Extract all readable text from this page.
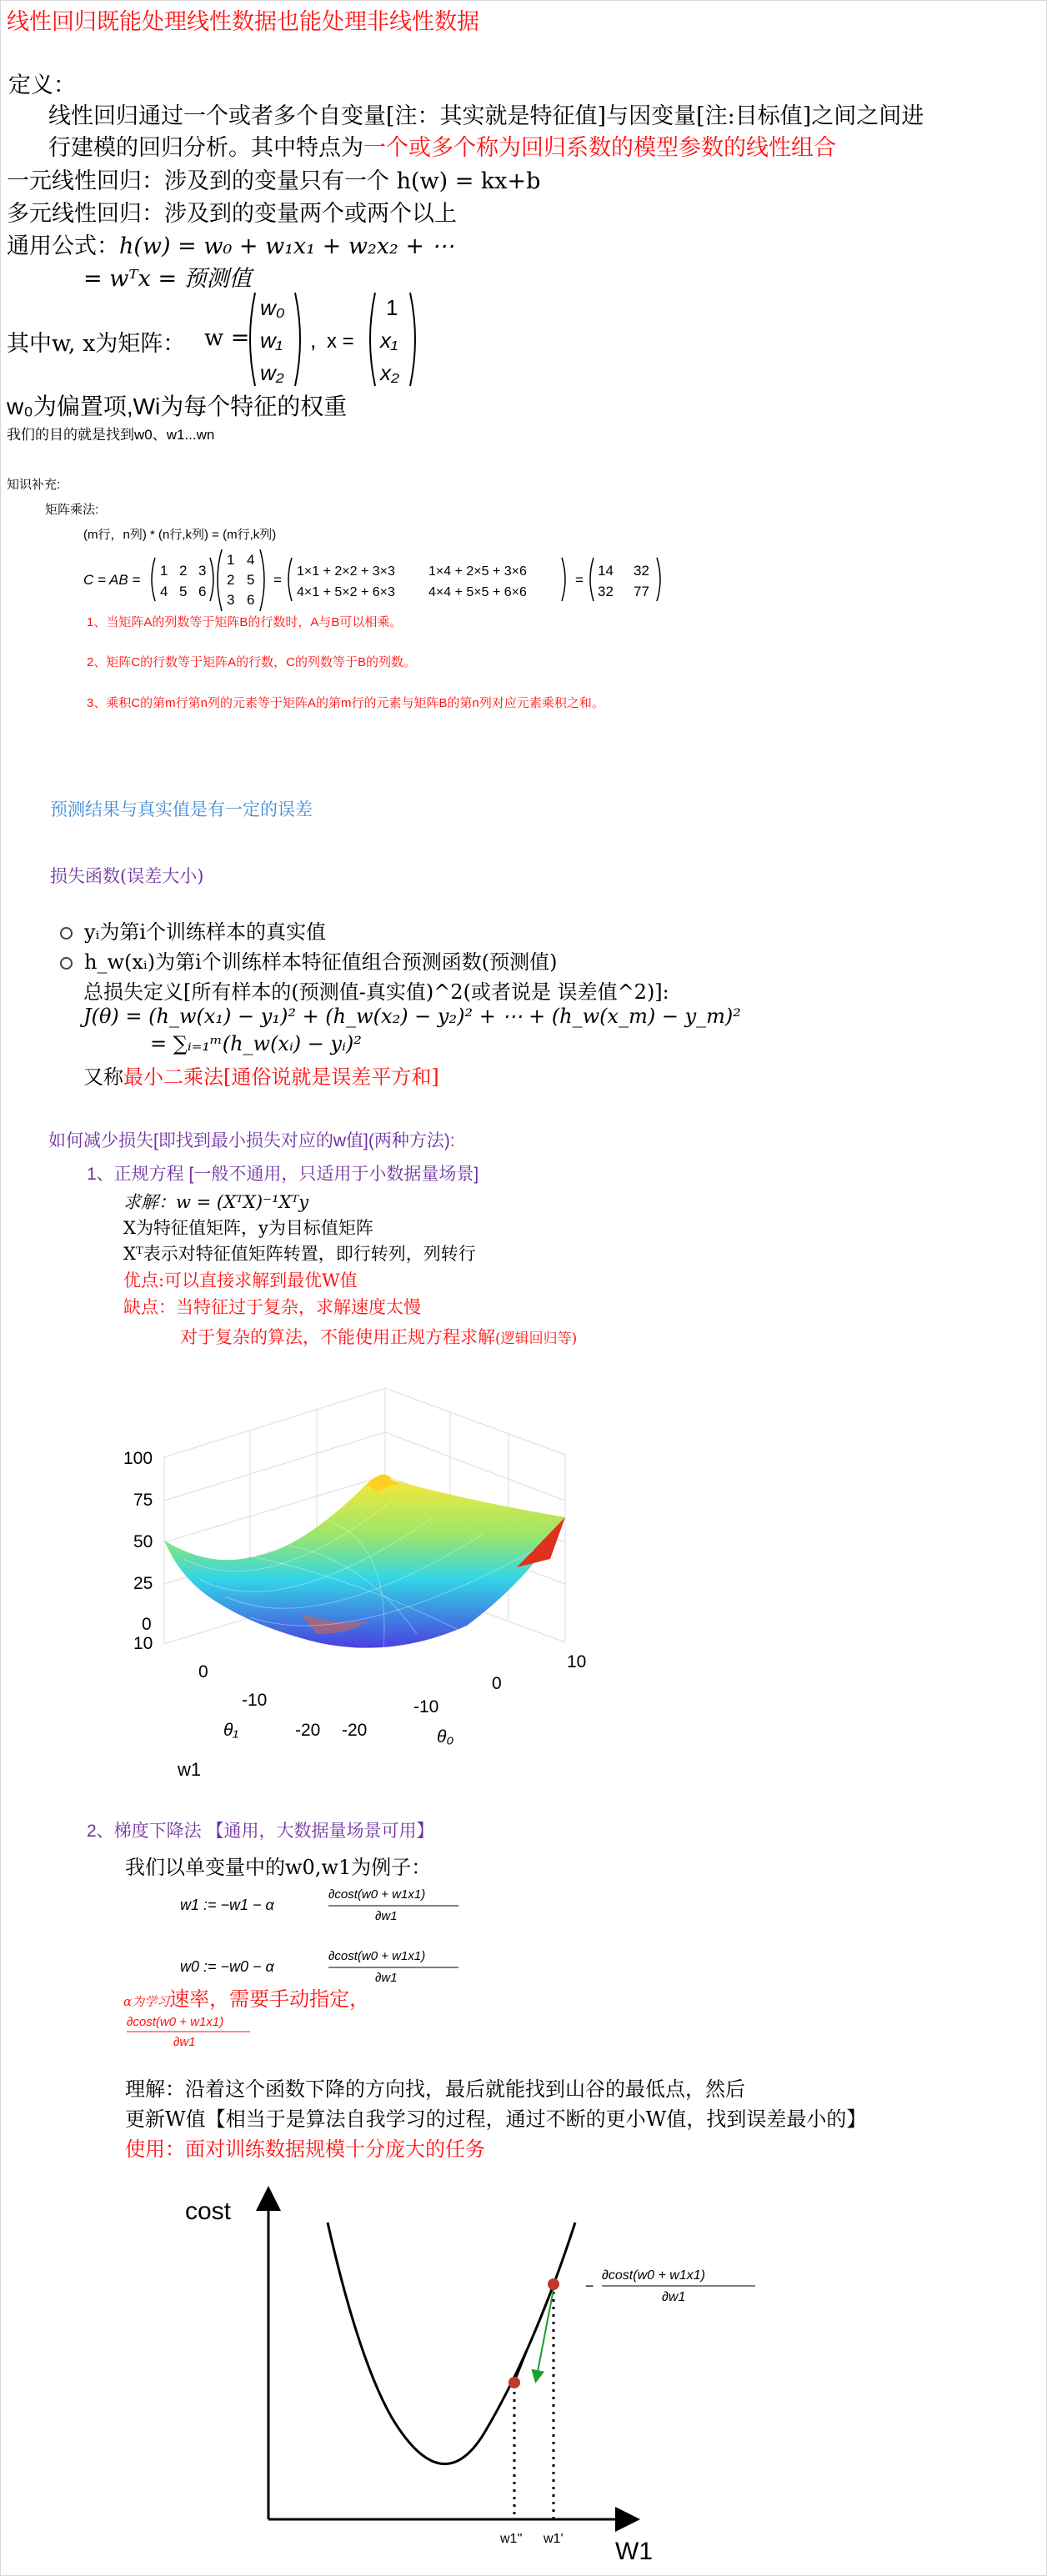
线性回归既能处理线性数据也能处理非线性数据
定义：
线性回归通过一个或者多个自变量[注：其实就是特征值]与因变量[注:目标值]之间之间进
行建模的回归分析。其中特点为一个或多个称为回归系数的模型参数的线性组合
一元线性回归：涉及到的变量只有一个 h(w) = kx+b
多元线性回归：涉及到的变量两个或两个以上
通用公式：h(w) = w₀ + w₁x₁ + w₂x₂ + ⋯
= wᵀx = 预测值
其中w, x为矩阵： w =
w₀
w₁
w₂
, x =
1
x₁
x₂
w₀为偏置项,Wi为每个特征的权重
我们的目的就是找到w0、w1...wn
知识补充:
矩阵乘法:
(m行，n列) * (n行,k列) = (m行,k列)
C = AB =
1 2 3
4 5 6
1 4
2 5
3 6
=
1×1 + 2×2 + 3×3	1×4 + 2×5 + 3×6
4×1 + 5×2 + 6×3	4×4 + 5×5 + 6×6
=
14 32
32 77
1、当矩阵A的列数等于矩阵B的行数时，A与B可以相乘。
2、矩阵C的行数等于矩阵A的行数，C的列数等于B的列数。
3、乘积C的第m行第n列的元素等于矩阵A的第m行的元素与矩阵B的第n列对应元素乘积之和。
预测结果与真实值是有一定的误差
损失函数(误差大小)
yᵢ为第i个训练样本的真实值
h_w(xᵢ)为第i个训练样本特征值组合预测函数(预测值)
总损失定义[所有样本的(预测值-真实值)^2(或者说是 误差值^2)]:
J(θ) = (h_w(x₁) − y₁)² + (h_w(x₂) − y₂)² + ⋯ + (h_w(x_m) − y_m)²
= ∑ᵢ₌₁ᵐ(h_w(xᵢ) − yᵢ)²
又称最小二乘法[通俗说就是误差平方和]
如何减少损失[即找到最小损失对应的w值](两种方法):
1、正规方程 [一般不通用，只适用于小数据量场景]
求解：w = (XᵀX)⁻¹Xᵀy
X为特征值矩阵，y为目标值矩阵
Xᵀ表示对特征值矩阵转置，即行转列，列转行
优点:可以直接求解到最优W值
缺点：当特征过于复杂，求解速度太慢
对于复杂的算法，不能使用正规方程求解(逻辑回归等)
100
75
50
25
0
10
0
-10
-20 -20
-10
0
10
θ₁	θ₀
w1
2、梯度下降法 【通用，大数据量场景可用】
我们以单变量中的w0,w1为例子：
w1 := −w1 − α
∂cost(w0 + w1x1)
∂w1
w0 := −w0 − α
∂cost(w0 + w1x1)
∂w1
α为学习速率，需要手动指定，
∂cost(w0 + w1x1)
∂w1
理解：沿着这个函数下降的方向找，最后就能找到山谷的最低点，然后
更新W值【相当于是算法自我学习的过程，通过不断的更小W值，找到误差最小的】
使用：面对训练数据规模十分庞大的任务
cost
W1
w1'' w1'
−
∂cost(w0 + w1x1)
∂w1
